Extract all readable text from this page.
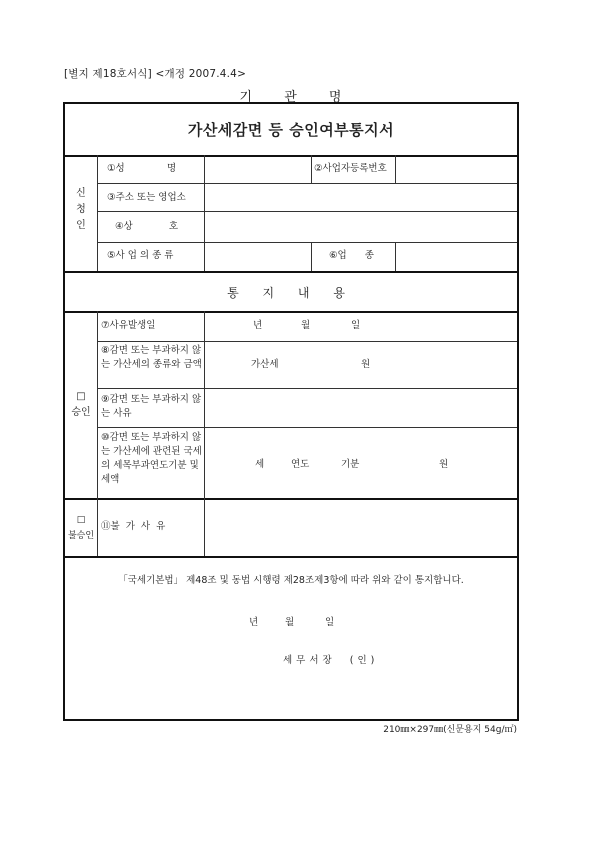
[별지 제18호서식] <개정 2007.4.4>
기 관 명
가산세감면 등 승인여부통지서
신
청
인
①성              명	②사업자등록번호
③주소 또는 영업소
④상            호
⑤사 업 의 종 류	⑥업      종
통 지 내 용
□
승인
⑦사유발생일	년	월	일
⑧감면 또는 부과하지 않는 가산세의 종류와 금액	가산세	원
⑨감면 또는 부과하지 않는 사유
⑩감면 또는 부과하지 않는 가산세에 관련된 국세의 세목부과연도기분 및 세액
세	연도	기분	원
□
불승인
⑪불  가  사  유
「국세기본법」 제48조 및 동법 시행령 제28조제3항에 따라 위와 같이 통지합니다.
년	월	일
세무서장  (인)
210㎜×297㎜(신문용지 54g/㎡)
